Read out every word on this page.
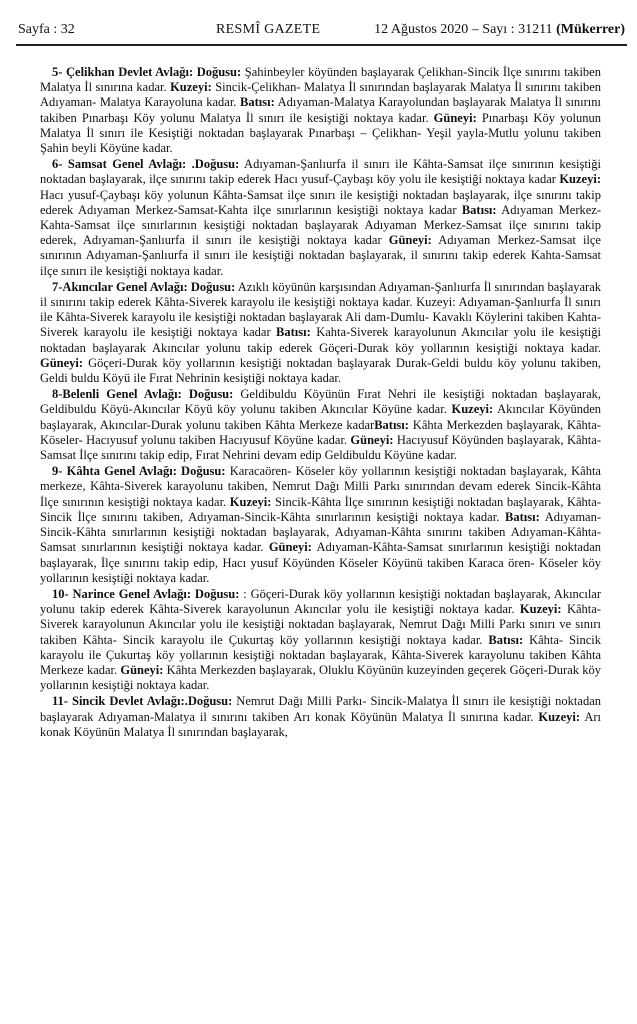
Sayfa : 32	RESMÎ GAZETE	12 Ağustos 2020 – Sayı : 31211 (Mükerrer)

5- Çelikhan Devlet Avlağı: Doğusu: Şahinbeyler köyünden başlayarak Çelikhan-Sincik İlçe sınırını takiben Malatya İl sınırına kadar. Kuzeyi: Sincik-Çelikhan- Malatya İl sınırından başlayarak Malatya İl sınırını takiben Adıyaman- Malatya Karayoluna kadar. Batısı: Adıyaman-Malatya Karayolundan başlayarak Malatya İl sınırını takiben Pınarbaşı Köy yolunu Malatya İl sınırı ile kesiştiği noktaya kadar. Güneyi: Pınarbaşı Köy yolunun Malatya İl sınırı ile Kesiştiği noktadan başlayarak Pınarbaşı – Çelikhan- Yeşil yayla-Mutlu yolunu takiben Şahin beyli Köyüne kadar.

6- Samsat Genel Avlağı: .Doğusu: Adıyaman-Şanlıurfa il sınırı ile Kâhta-Samsat ilçe sınırının kesiştiği noktadan başlayarak, ilçe sınırını takip ederek Hacı yusuf-Çaybaşı köy yolu ile kesiştiği noktaya kadar Kuzeyi: Hacı yusuf-Çaybaşı köy yolunun Kâhta-Samsat ilçe sınırı ile kesiştiği noktadan başlayarak, ilçe sınırını takip ederek Adıyaman Merkez-Samsat-Kahta ilçe sınırlarının kesiştiği noktaya kadar Batısı: Adıyaman Merkez-Kahta-Samsat ilçe sınırlarının kesiştiği noktadan başlayarak Adıyaman Merkez-Samsat ilçe sınırını takip ederek, Adıyaman-Şanlıurfa il sınırı ile kesiştiği noktaya kadar Güneyi: Adıyaman Merkez-Samsat ilçe sınırının Adıyaman-Şanlıurfa il sınırı ile kesiştiği noktadan başlayarak, il sınırını takip ederek Kahta-Samsat ilçe sınırı ile kesiştiği noktaya kadar.

7-Akıncılar Genel Avlağı: Doğusu: Azıklı köyünün karşısından Adıyaman-Şanlıurfa İl sınırından başlayarak il sınırını takip ederek Kâhta-Siverek karayolu ile kesiştiği noktaya kadar. Kuzeyi: Adıyaman-Şanlıurfa İl sınırı ile Kâhta-Siverek karayolu ile kesiştiği noktadan başlayarak Ali dam-Dumlu- Kavaklı Köylerini takiben Kahta-Siverek karayolu ile kesiştiği noktaya kadar Batısı: Kahta-Siverek karayolunun Akıncılar yolu ile kesiştiği noktadan başlayarak Akıncılar yolunu takip ederek Göçeri-Durak köy yollarının kesiştiği noktaya kadar. Güneyi: Göçeri-Durak köy yollarının kesiştiği noktadan başlayarak Durak-Geldi buldu köy yolunu takiben, Geldi buldu Köyü ile Fırat Nehrinin kesiştiği noktaya kadar.

8-Belenli Genel Avlağı: Doğusu: Geldibuldu Köyünün Fırat Nehri ile kesiştiği noktadan başlayarak, Geldibuldu Köyü-Akıncılar Köyü köy yolunu takiben Akıncılar Köyüne kadar. Kuzeyi: Akıncılar Köyünden başlayarak, Akıncılar-Durak yolunu takiben Kâhta Merkeze kadarBatısı: Kâhta Merkezden başlayarak, Kâhta-Köseler- Hacıyusuf yolunu takiben Hacıyusuf Köyüne kadar. Güneyi: Hacıyusuf Köyünden başlayarak, Kâhta-Samsat İlçe sınırını takip edip, Fırat Nehrini devam edip Geldibuldu Köyüne kadar.

9- Kâhta Genel Avlağı: Doğusu: Karacaören- Köseler köy yollarının kesiştiği noktadan başlayarak, Kâhta merkeze, Kâhta-Siverek karayolunu takiben, Nemrut Dağı Milli Parkı sınırından devam ederek Sincik-Kâhta İlçe sınırının kesiştiği noktaya kadar. Kuzeyi: Sincik-Kâhta İlçe sınırının kesiştiği noktadan başlayarak, Kâhta-Sincik İlçe sınırını takiben, Adıyaman-Sincik-Kâhta sınırlarının kesiştiği noktaya kadar. Batısı: Adıyaman-Sincik-Kâhta sınırlarının kesiştiği noktadan başlayarak, Adıyaman-Kâhta sınırını takiben Adıyaman-Kâhta-Samsat sınırlarının kesiştiği noktaya kadar. Güneyi: Adıyaman-Kâhta-Samsat sınırlarının kesiştiği noktadan başlayarak, İlçe sınırını takip edip, Hacı yusuf Köyünden Köseler Köyünü takiben Karaca ören- Köseler köy yollarının kesiştiği noktaya kadar.

10- Narince Genel Avlağı: Doğusu: : Göçeri-Durak köy yollarının kesiştiği noktadan başlayarak, Akıncılar yolunu takip ederek Kâhta-Siverek karayolunun Akıncılar yolu ile kesiştiği noktaya kadar. Kuzeyi: Kâhta-Siverek karayolunun Akıncılar yolu ile kesiştiği noktadan başlayarak, Nemrut Dağı Milli Parkı sınırı ve sınırı takiben Kâhta- Sincik karayolu ile Çukurtaş köy yollarının kesiştiği noktaya kadar. Batısı: Kâhta- Sincik karayolu ile Çukurtaş köy yollarının kesiştiği noktadan başlayarak, Kâhta-Siverek karayolunu takiben Kâhta Merkeze kadar. Güneyi: Kâhta Merkezden başlayarak, Oluklu Köyünün kuzeyinden geçerek Göçeri-Durak köy yollarının kesiştiği noktaya kadar.

11- Sincik Devlet Avlağı:.Doğusu: Nemrut Dağı Milli Parkı- Sincik-Malatya İl sınırı ile kesiştiği noktadan başlayarak Adıyaman-Malatya il sınırını takiben Arı konak Köyünün Malatya İl sınırına kadar. Kuzeyi: Arı konak Köyünün Malatya İl sınırından başlayarak,
